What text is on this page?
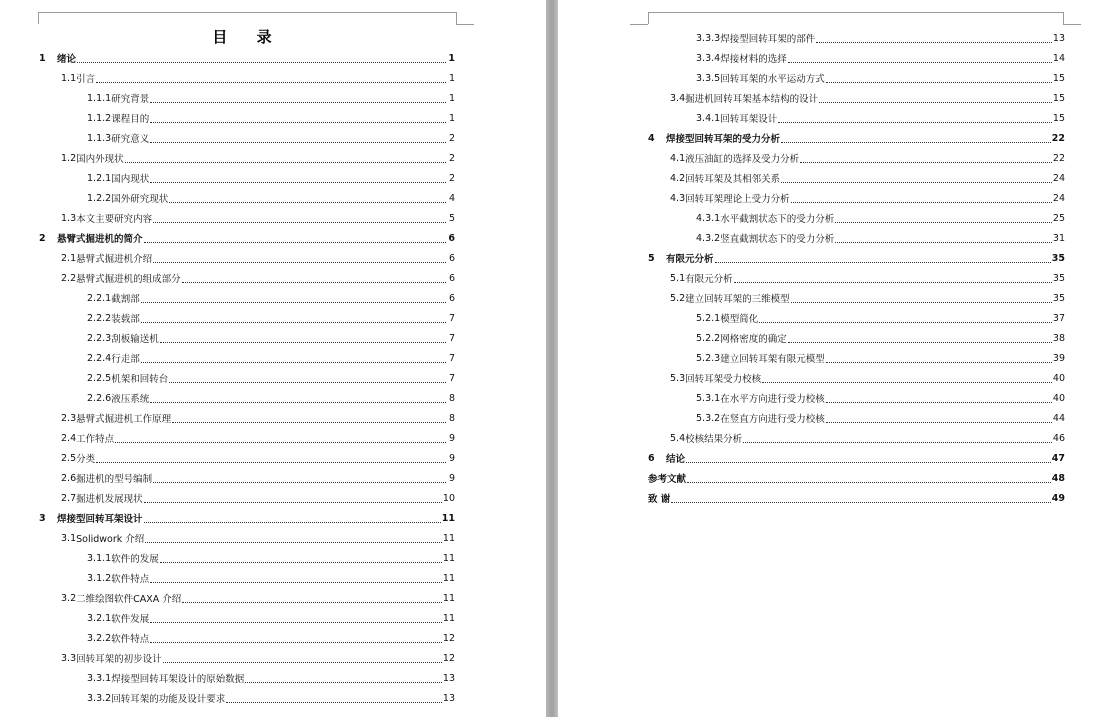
目 录
1	绪论	1
1.1 引言	1
1.1.1 研究背景	1
1.1.2 课程目的	1
1.1.3 研究意义	2
1.2 国内外现状	2
1.2.1 国内现状	2
1.2.2 国外研究现状	4
1.3 本文主要研究内容	5
2	悬臂式掘进机的简介	6
2.1 悬臂式掘进机介绍	6
2.2 悬臂式掘进机的组成部分	6
2.2.1 截割部	6
2.2.2 装载部	7
2.2.3 刮板输送机	7
2.2.4 行走部	7
2.2.5 机架和回转台	7
2.2.6 液压系统	8
2.3 悬臂式掘进机工作原理	8
2.4 工作特点	9
2.5 分类	9
2.6 掘进机的型号编制	9
2.7 掘进机发展现状	10
3	焊接型回转耳架设计	11
3.1 Solidwork 介绍	11
3.1.1 软件的发展	11
3.1.2 软件特点	11
3.2 二维绘图软件CAXA 介绍	11
3.2.1 软件发展	11
3.2.2 软件特点	12
3.3 回转耳架的初步设计	12
3.3.1 焊接型回转耳架设计的原始数据	13
3.3.2 回转耳架的功能及设计要求	13
3.3.3 焊接型回转耳架的部件	13
3.3.4 焊接材料的选择	14
3.3.5 回转耳架的水平运动方式	15
3.4 掘进机回转耳架基本结构的设计	15
3.4.1 回转耳架设计	15
4	焊接型回转耳架的受力分析	22
4.1 液压油缸的选择及受力分析	22
4.2 回转耳架及其相邻关系	24
4.3 回转耳架理论上受力分析	24
4.3.1 水平截割状态下的受力分析	25
4.3.2 竖直截割状态下的受力分析	31
5	有限元分析	35
5.1 有限元分析	35
5.2 建立回转耳架的三维模型	35
5.2.1 模型简化	37
5.2.2 网格密度的确定	38
5.2.3 建立回转耳架有限元模型	39
5.3 回转耳架受力校核	40
5.3.1 在水平方向进行受力校核	40
5.3.2 在竖直方向进行受力校核	44
5.4 校核结果分析	46
6	结论	47
参考文献	48
致 谢	49
